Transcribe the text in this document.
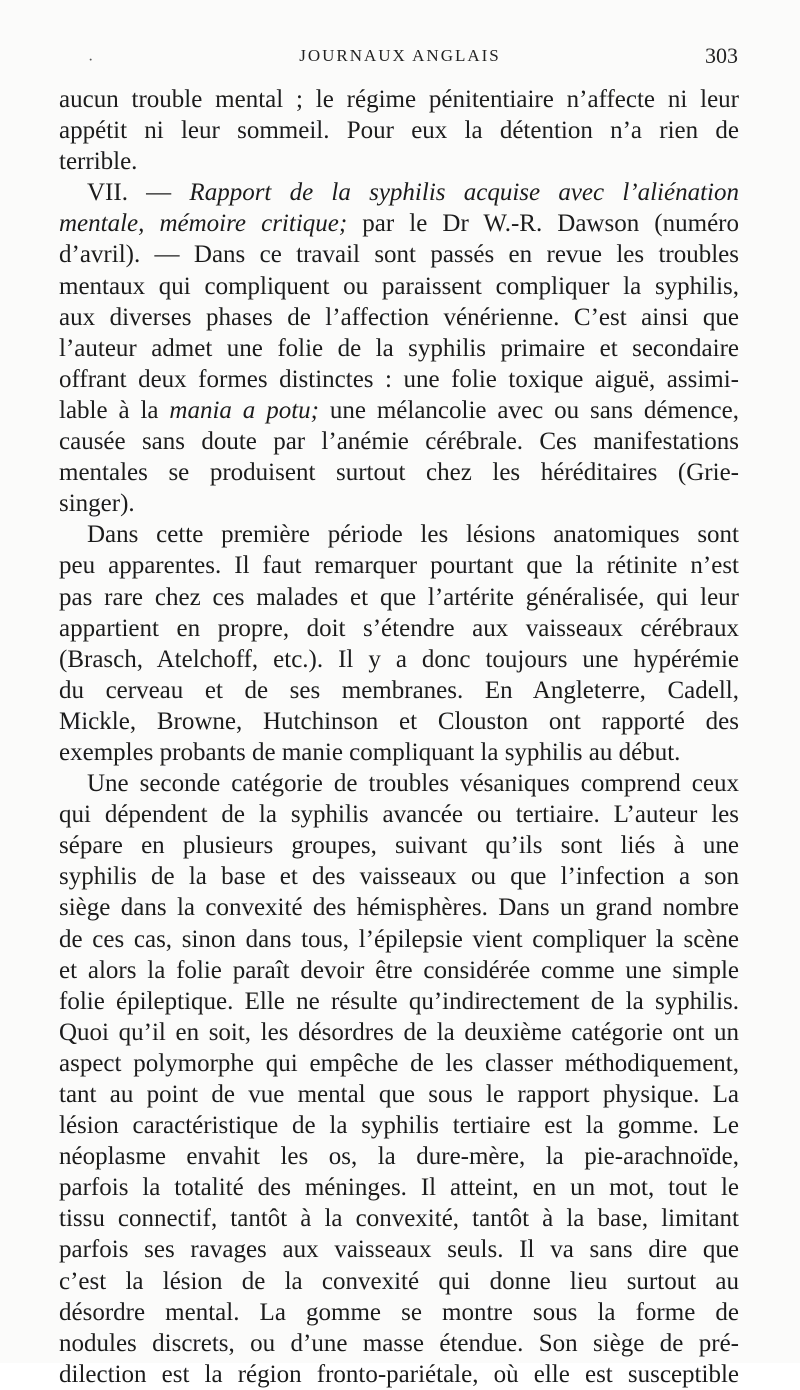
·	JOURNAUX ANGLAIS	303
aucun trouble mental ; le régime pénitentiaire n’affecte ni leur
appétit ni leur sommeil. Pour eux la détention n’a rien de
terrible.
VII. — Rapport de la syphilis acquise avec l’aliénation
mentale, mémoire critique; par le Dr W.-R. Dawson (numéro
d’avril). — Dans ce travail sont passés en revue les troubles
mentaux qui compliquent ou paraissent compliquer la syphilis,
aux diverses phases de l’affection vénérienne. C’est ainsi que
l’auteur admet une folie de la syphilis primaire et secondaire
offrant deux formes distinctes : une folie toxique aiguë, assimi-
lable à la mania a potu; une mélancolie avec ou sans démence,
causée sans doute par l’anémie cérébrale. Ces manifestations
mentales se produisent surtout chez les héréditaires (Grie-
singer).
Dans cette première période les lésions anatomiques sont
peu apparentes. Il faut remarquer pourtant que la rétinite n’est
pas rare chez ces malades et que l’artérite généralisée, qui leur
appartient en propre, doit s’étendre aux vaisseaux cérébraux
(Brasch, Atelchoff, etc.). Il y a donc toujours une hypérémie
du cerveau et de ses membranes. En Angleterre, Cadell,
Mickle, Browne, Hutchinson et Clouston ont rapporté des
exemples probants de manie compliquant la syphilis au début.
Une seconde catégorie de troubles vésaniques comprend ceux
qui dépendent de la syphilis avancée ou tertiaire. L’auteur les
sépare en plusieurs groupes, suivant qu’ils sont liés à une
syphilis de la base et des vaisseaux ou que l’infection a son
siège dans la convexité des hémisphères. Dans un grand nombre
de ces cas, sinon dans tous, l’épilepsie vient compliquer la scène
et alors la folie paraît devoir être considérée comme une simple
folie épileptique. Elle ne résulte qu’indirectement de la syphilis.
Quoi qu’il en soit, les désordres de la deuxième catégorie ont un
aspect polymorphe qui empêche de les classer méthodiquement,
tant au point de vue mental que sous le rapport physique. La
lésion caractéristique de la syphilis tertiaire est la gomme. Le
néoplasme envahit les os, la dure-mère, la pie-arachnoïde,
parfois la totalité des méninges. Il atteint, en un mot, tout le
tissu connectif, tantôt à la convexité, tantôt à la base, limitant
parfois ses ravages aux vaisseaux seuls. Il va sans dire que
c’est la lésion de la convexité qui donne lieu surtout au
désordre mental. La gomme se montre sous la forme de
nodules discrets, ou d’une masse étendue. Son siège de pré-
dilection est la région fronto-pariétale, où elle est susceptible
